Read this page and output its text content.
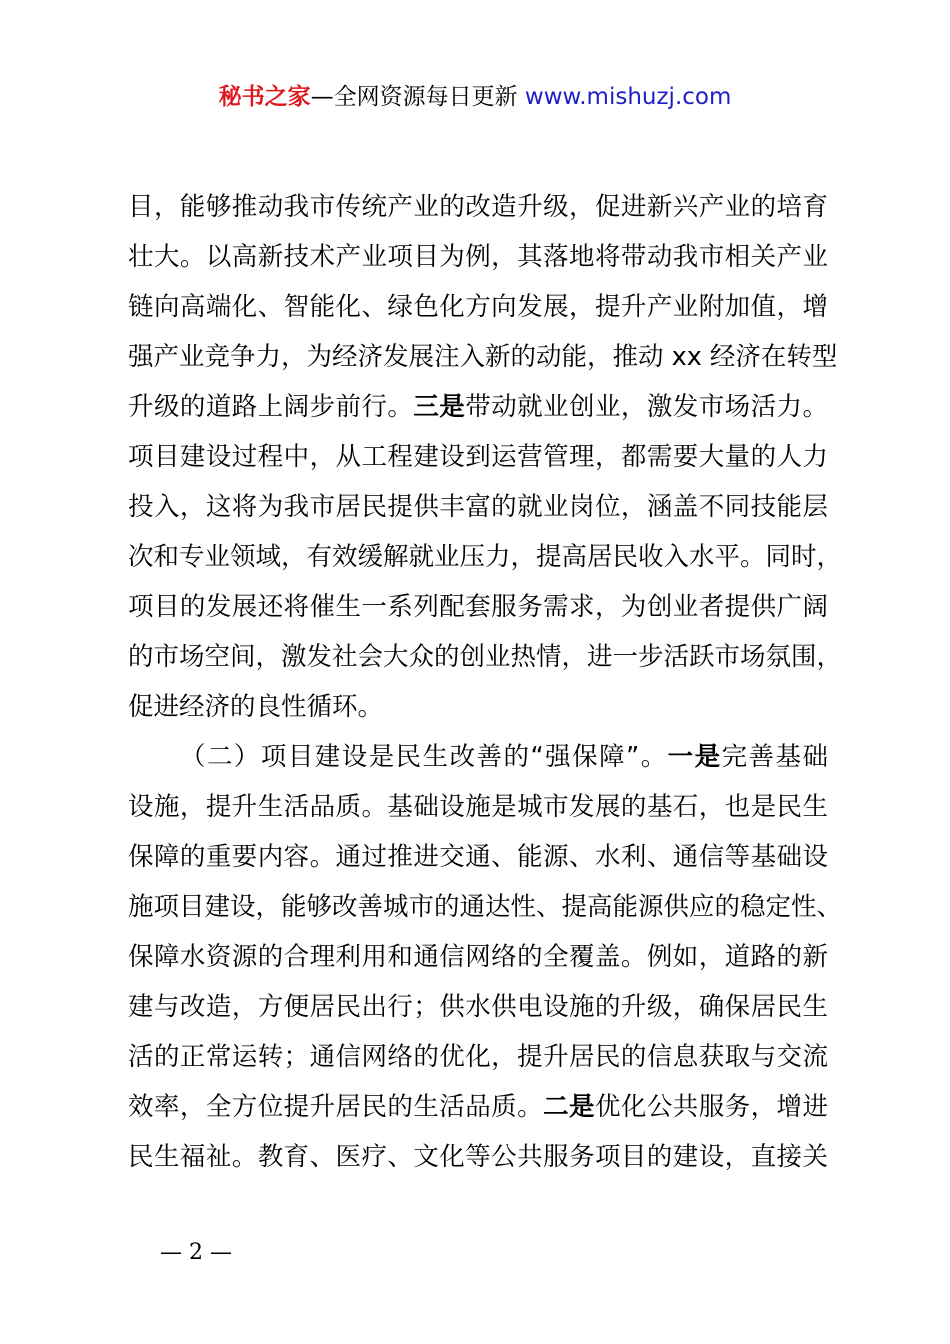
秘书之家—全网资源每日更新 www.mishuzj.com
目，能够推动我市传统产业的改造升级，促进新兴产业的培育
壮大。以高新技术产业项目为例，其落地将带动我市相关产业
链向高端化、智能化、绿色化方向发展，提升产业附加值，增
强产业竞争力，为经济发展注入新的动能，推动 xx 经济在转型
升级的道路上阔步前行。三是带动就业创业，激发市场活力。
项目建设过程中，从工程建设到运营管理，都需要大量的人力
投入，这将为我市居民提供丰富的就业岗位，涵盖不同技能层
次和专业领域，有效缓解就业压力，提高居民收入水平。同时，
项目的发展还将催生一系列配套服务需求，为创业者提供广阔
的市场空间，激发社会大众的创业热情，进一步活跃市场氛围，
促进经济的良性循环。
（二）项目建设是民生改善的“强保障”。一是完善基础
设施，提升生活品质。基础设施是城市发展的基石，也是民生
保障的重要内容。通过推进交通、能源、水利、通信等基础设
施项目建设，能够改善城市的通达性、提高能源供应的稳定性、
保障水资源的合理利用和通信网络的全覆盖。例如，道路的新
建与改造，方便居民出行；供水供电设施的升级，确保居民生
活的正常运转；通信网络的优化，提升居民的信息获取与交流
效率，全方位提升居民的生活品质。二是优化公共服务，增进
民生福祉。教育、医疗、文化等公共服务项目的建设，直接关
— 2 —
